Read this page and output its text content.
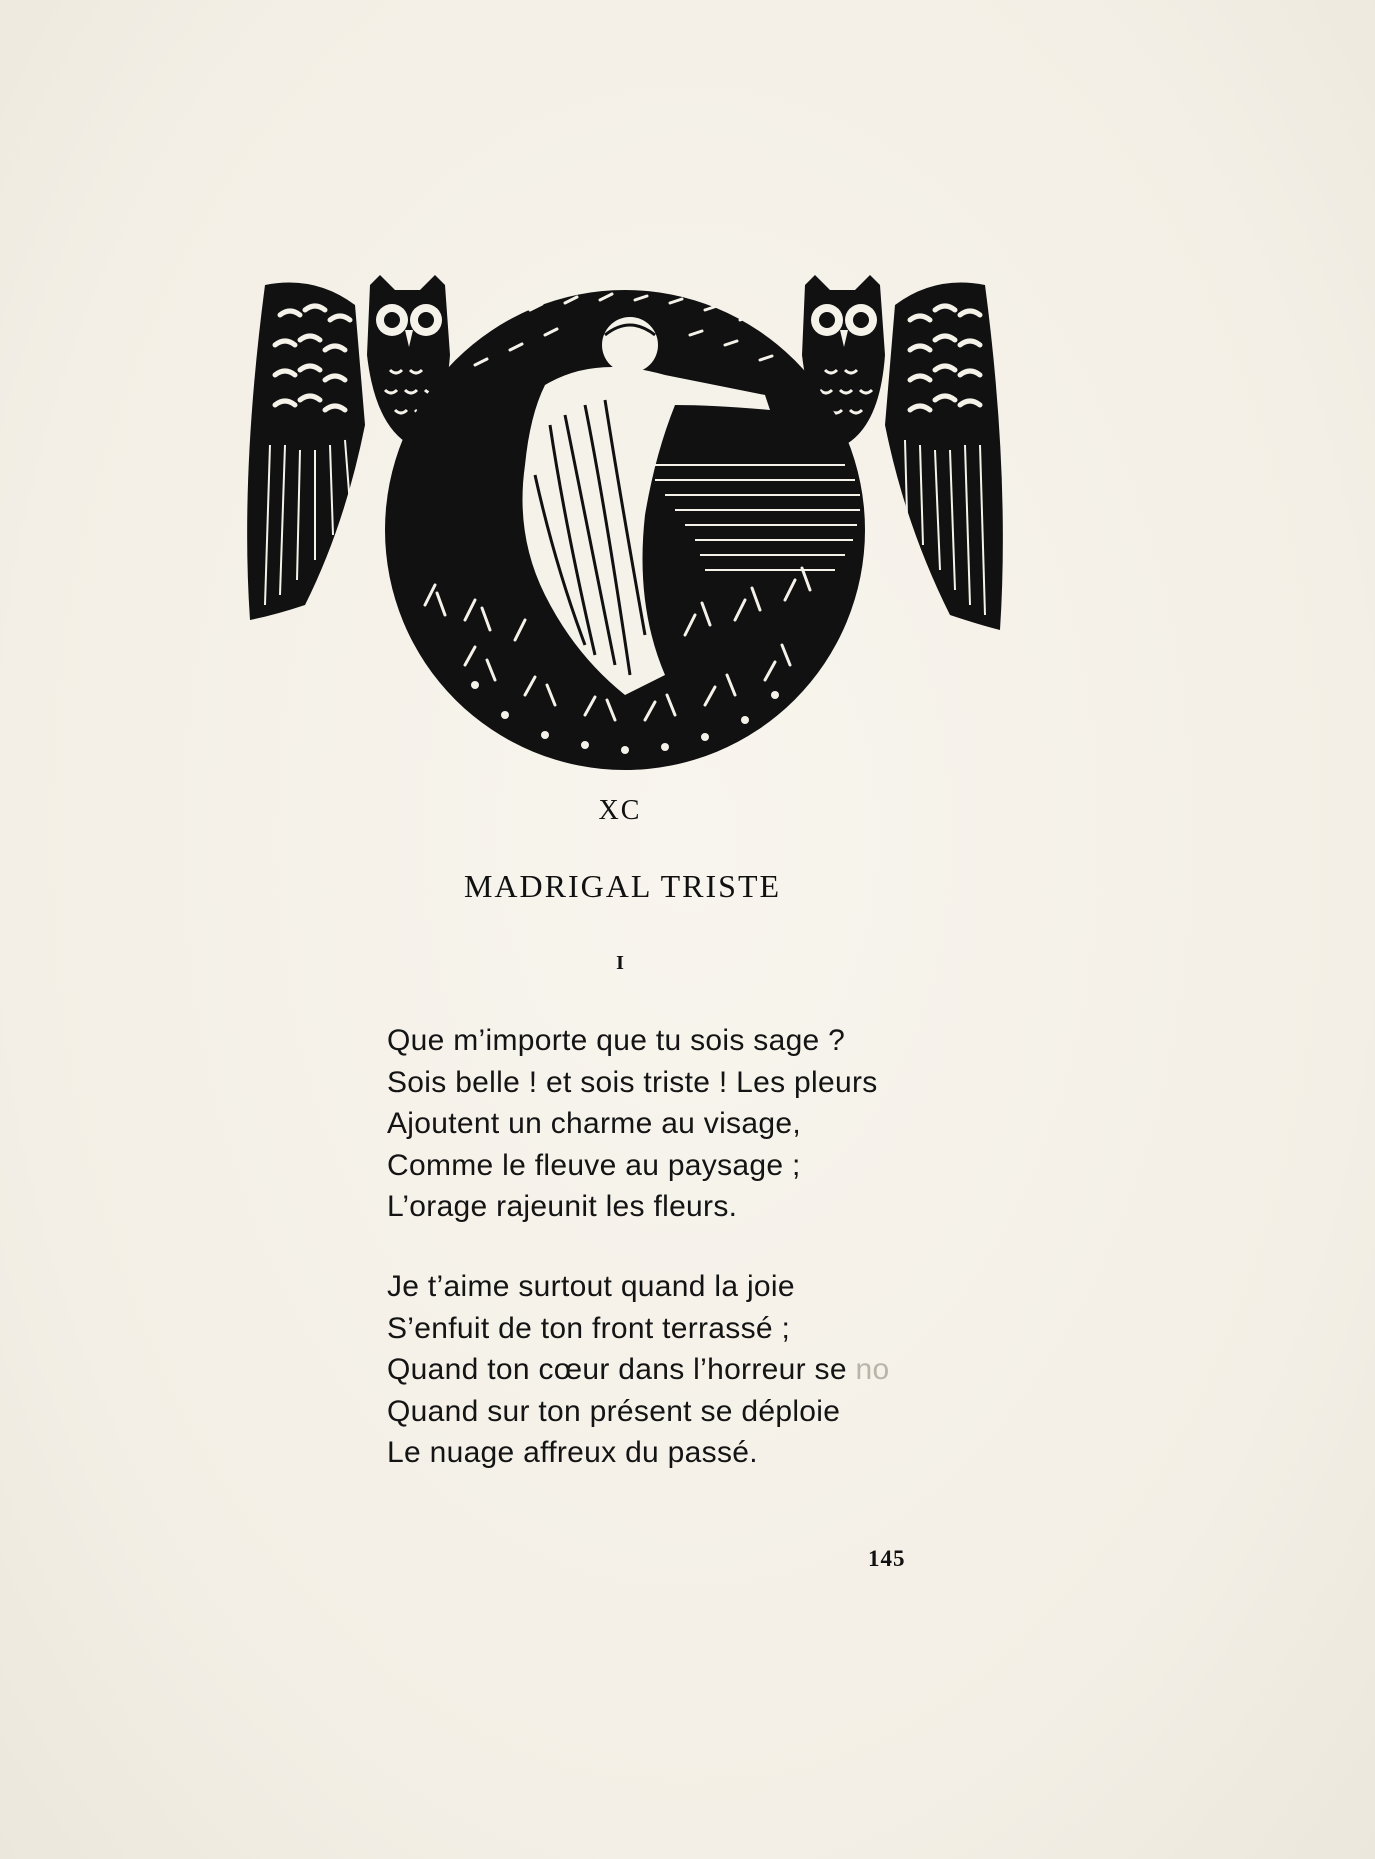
XC
MADRIGAL TRISTE
I
Que m’importe que tu sois sage ?
Sois belle ! et sois triste ! Les pleurs
Ajoutent un charme au visage,
Comme le fleuve au paysage ;
L’orage rajeunit les fleurs.
Je t’aime surtout quand la joie
S’enfuit de ton front terrassé ;
Quand ton cœur dans l’horreur se no
Quand sur ton présent se déploie
Le nuage affreux du passé.
145
